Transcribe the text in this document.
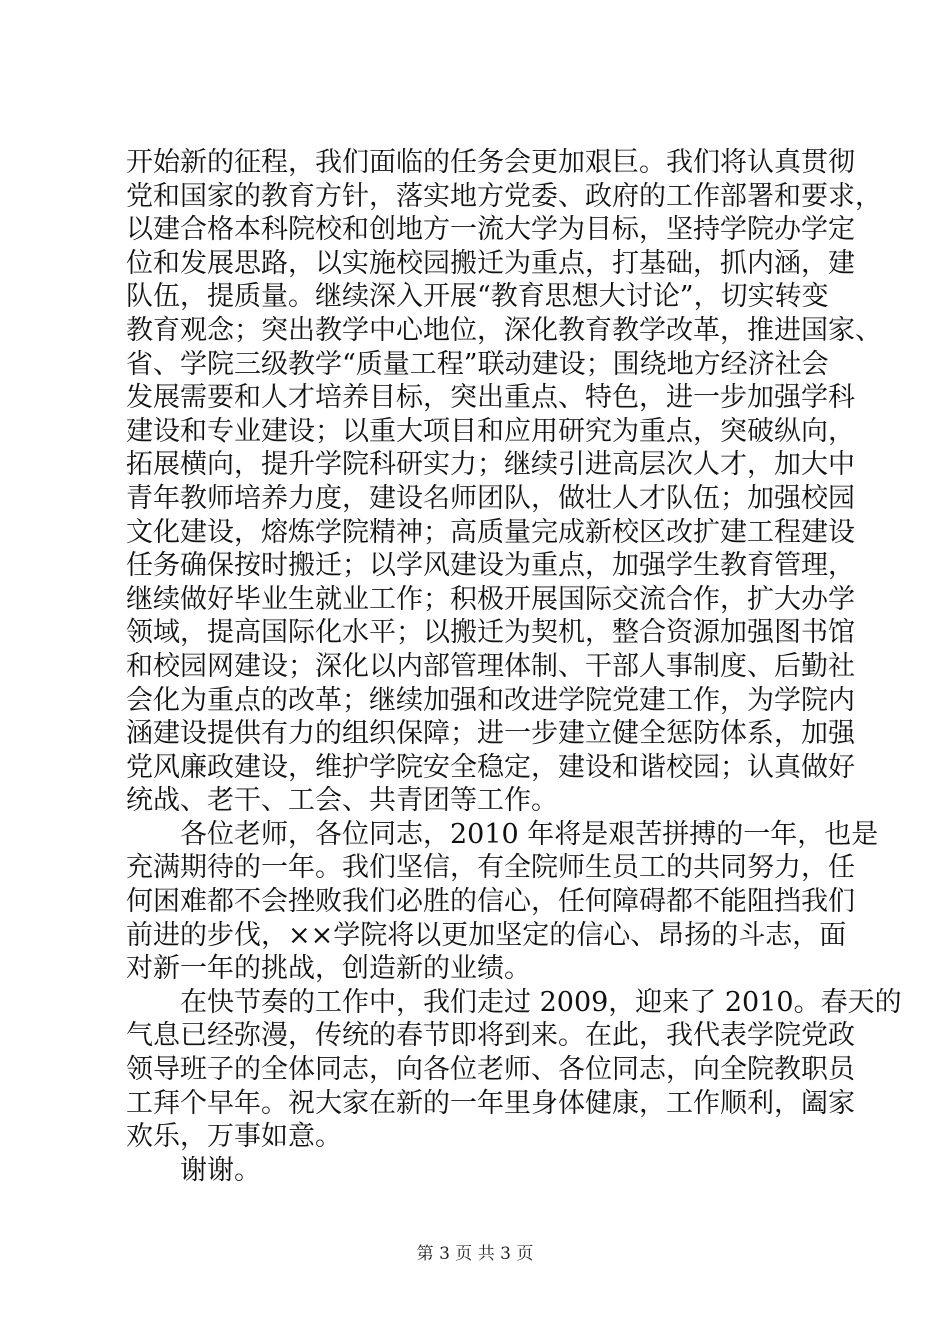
开始新的征程，我们面临的任务会更加艰巨。我们将认真贯彻
党和国家的教育方针，落实地方党委、政府的工作部署和要求，
以建合格本科院校和创地方一流大学为目标，坚持学院办学定
位和发展思路，以实施校园搬迁为重点，打基础，抓内涵，建
队伍，提质量。继续深入开展“教育思想大讨论”，切实转变
教育观念；突出教学中心地位，深化教育教学改革，推进国家、
省、学院三级教学“质量工程”联动建设；围绕地方经济社会
发展需要和人才培养目标，突出重点、特色，进一步加强学科
建设和专业建设；以重大项目和应用研究为重点，突破纵向，
拓展横向，提升学院科研实力；继续引进高层次人才，加大中
青年教师培养力度，建设名师团队，做壮人才队伍；加强校园
文化建设，熔炼学院精神；高质量完成新校区改扩建工程建设
任务确保按时搬迁；以学风建设为重点，加强学生教育管理，
继续做好毕业生就业工作；积极开展国际交流合作，扩大办学
领域，提高国际化水平；以搬迁为契机，整合资源加强图书馆
和校园网建设；深化以内部管理体制、干部人事制度、后勤社
会化为重点的改革；继续加强和改进学院党建工作，为学院内
涵建设提供有力的组织保障；进一步建立健全惩防体系，加强
党风廉政建设，维护学院安全稳定，建设和谐校园；认真做好
统战、老干、工会、共青团等工作。
各位老师，各位同志，2010 年将是艰苦拼搏的一年，也是
充满期待的一年。我们坚信，有全院师生员工的共同努力，任
何困难都不会挫败我们必胜的信心，任何障碍都不能阻挡我们
前进的步伐，××学院将以更加坚定的信心、昂扬的斗志，面
对新一年的挑战，创造新的业绩。
在快节奏的工作中，我们走过 2009，迎来了 2010。春天的
气息已经弥漫，传统的春节即将到来。在此，我代表学院党政
领导班子的全体同志，向各位老师、各位同志，向全院教职员
工拜个早年。祝大家在新的一年里身体健康，工作顺利，阖家
欢乐，万事如意。
谢谢。
第 3 页 共 3 页
